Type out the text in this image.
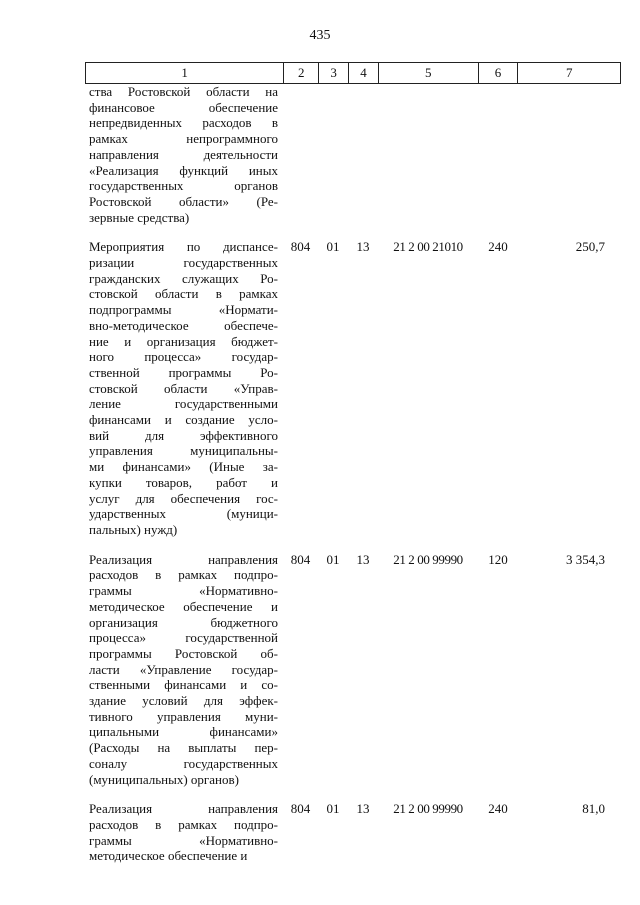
435
1	2	3	4	5	6	7
ства Ростовской области на
финансовое обеспечение
непредвиденных расходов в
рамках непрограммного
направления деятельности
«Реализация функций иных
государственных органов
Ростовской области» (Ре-
зервные средства)
Мероприятия по диспансе-
ризации государственных
гражданских служащих Ро-
стовской области в рамках
подпрограммы «Нормати-
вно-методическое обеспече-
ние и организация бюджет-
ного процесса» государ-
ственной программы Ро-
стовской области «Управ-
ление государственными
финансами и создание усло-
вий для эффективного
управления муниципальны-
ми финансами» (Иные за-
купки товаров, работ и
услуг для обеспечения гос-
ударственных (муници-
пальных) нужд)
804	01	13	21 2 00 21010	240	250,7
Реализация направления
расходов в рамках подпро-
граммы «Нормативно-
методическое обеспечение и
организация бюджетного
процесса» государственной
программы Ростовской об-
ласти «Управление государ-
ственными финансами и со-
здание условий для эффек-
тивного управления муни-
ципальными финансами»
(Расходы на выплаты пер-
соналу государственных
(муниципальных) органов)
804	01	13	21 2 00 99990	120	3 354,3
Реализация направления
расходов в рамках подпро-
граммы «Нормативно-
методическое обеспечение и
804	01	13	21 2 00 99990	240	81,0
